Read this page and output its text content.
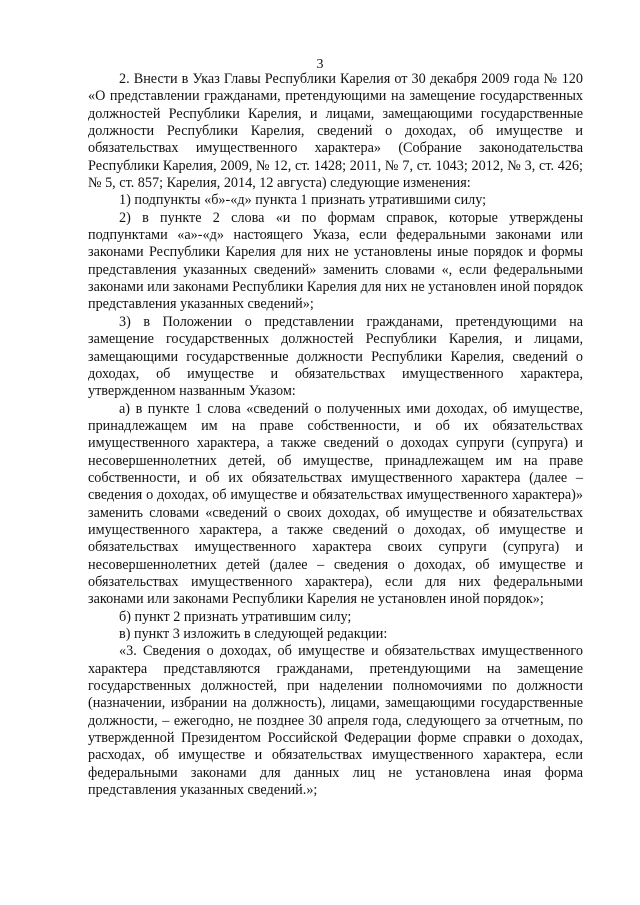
3

2. Внести в Указ Главы Республики Карелия от 30 декабря 2009 года № 120 «О представлении гражданами, претендующими на замещение государственных должностей Республики Карелия, и лицами, замещающими государственные должности Республики Карелия, сведений о доходах, об имуществе и обязательствах имущественного характера» (Собрание законодательства Республики Карелия, 2009, № 12, ст. 1428; 2011, № 7, ст. 1043; 2012, № 3, ст. 426; № 5, ст. 857; Карелия, 2014, 12 августа) следующие изменения:

1) подпункты «б»-«д» пункта 1 признать утратившими силу;

2) в пункте 2 слова «и по формам справок, которые утверждены подпунктами «а»-«д» настоящего Указа, если федеральными законами или законами Республики Карелия для них не установлены иные порядок и формы представления указанных сведений» заменить словами «, если федеральными законами или законами Республики Карелия для них не установлен иной порядок представления указанных сведений»;

3) в Положении о представлении гражданами, претендующими на замещение государственных должностей Республики Карелия, и лицами, замещающими государственные должности Республики Карелия, сведений о доходах, об имуществе и обязательствах имущественного характера, утвержденном названным Указом:

а) в пункте 1 слова «сведений о полученных ими доходах, об имуществе, принадлежащем им на праве собственности, и об их обязательствах имущественного характера, а также сведений о доходах супруги (супруга) и несовершеннолетних детей, об имуществе, принадлежащем им на праве собственности, и об их обязательствах имущественного характера (далее – сведения о доходах, об имуществе и обязательствах имущественного характера)» заменить словами «сведений о своих доходах, об имуществе и обязательствах имущественного характера, а также сведений о доходах, об имуществе и обязательствах имущественного характера своих супруги (супруга) и несовершеннолетних детей (далее – сведения о доходах, об имуществе и обязательствах имущественного характера), если для них федеральными законами или законами Республики Карелия не установлен иной порядок»;

б) пункт 2 признать утратившим силу;

в) пункт 3 изложить в следующей редакции:

«3. Сведения о доходах, об имуществе и обязательствах имущественного характера представляются гражданами, претендующими на замещение государственных должностей, при наделении полномочиями по должности (назначении, избрании на должность), лицами, замещающими государственные должности, – ежегодно, не позднее 30 апреля года, следующего за отчетным, по утвержденной Президентом Российской Федерации форме справки о доходах, расходах, об имуществе и обязательствах имущественного характера, если федеральными законами для данных лиц не установлена иная форма представления указанных сведений.»;
